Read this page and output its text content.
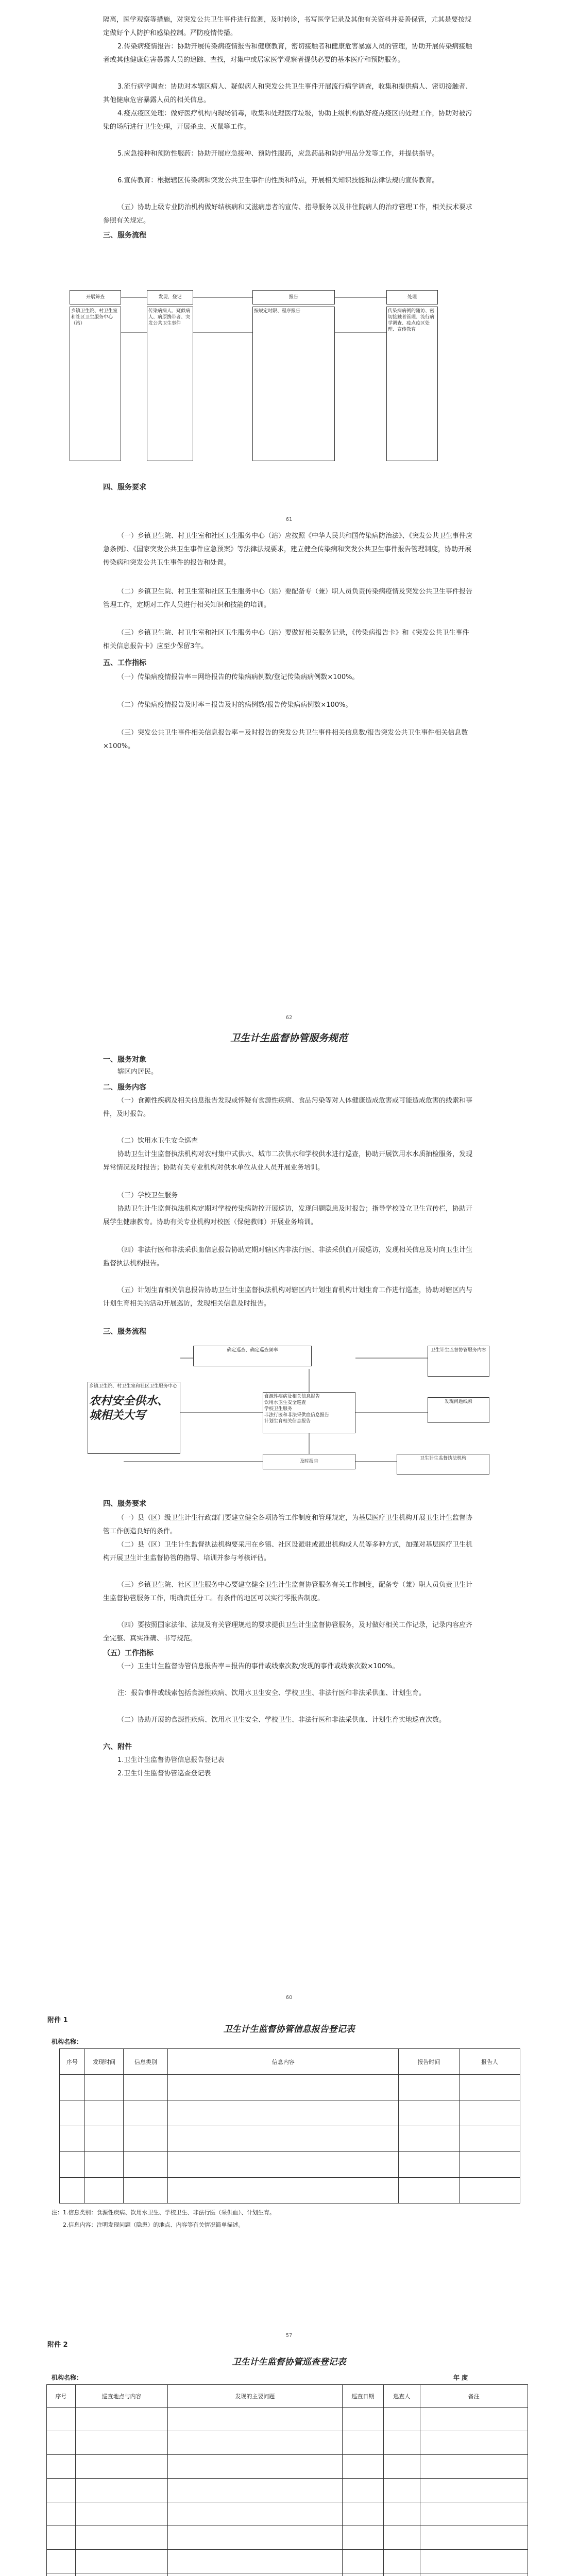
隔离，医学观察等措施，对突发公共卫生事件进行监测，及时转诊，书写医学记录及其他有关资料并妥善保管，尤其是要按规定做好个人防护和感染控制。严防疫情传播。

2.传染病疫情报告：协助开展传染病疫情报告和健康教育，密切接触者和健康危害暴露人员的管理，协助开展传染病接触者或其他健康危害暴露人员的追踪、查找，对集中或居家医学观察者提供必要的基本医疗和预防服务。

3.流行病学调查：协助对本辖区病人、疑似病人和突发公共卫生事件开展流行病学调查，收集和提供病人、密切接触者、其他健康危害暴露人员的相关信息。

4.疫点疫区处理：做好医疗机构内现场消毒，收集和处理医疗垃圾，协助上级机构做好疫点疫区的处理工作，协助对被污染的场所进行卫生处理，开展杀虫、灭鼠等工作。

5.应急接种和预防性服药：协助开展应急接种、预防性服药，应急药品和防护用品分发等工作，并提供指导。

6.宣传教育：根据辖区传染病和突发公共卫生事件的性质和特点，开展相关知识技能和法律法规的宣传教育。

（五）协助上级专业防治机构做好结核病和艾滋病患者的宣传、指导服务以及非住院病人的治疗管理工作，相关技术要求参照有关规定。

三、服务流程

开展筛查	发现、登记	报告	处理
乡镇卫生院、村卫生室和社区卫生服务中心（站）
传染病病人、疑似病人、病原携带者、突发公共卫生事件
按规定时限、程序报告	传染病病例的随访、密切接触者管理、流行病学调查、疫点疫区处理、宣传教育

四、服务要求

61

（一）乡镇卫生院、村卫生室和社区卫生服务中心（站）应按照《中华人民共和国传染病防治法》、《突发公共卫生事件应急条例》、《国家突发公共卫生事件应急预案》等法律法规要求，建立健全传染病和突发公共卫生事件报告管理制度，协助开展传染病和突发公共卫生事件的报告和处置。

（二）乡镇卫生院、村卫生室和社区卫生服务中心（站）要配备专（兼）职人员负责传染病疫情及突发公共卫生事件报告管理工作，定期对工作人员进行相关知识和技能的培训。

（三）乡镇卫生院、村卫生室和社区卫生服务中心（站）要做好相关服务记录，《传染病报告卡》和《突发公共卫生事件相关信息报告卡》应至少保留3年。

五、工作指标

（一）传染病疫情报告率＝网络报告的传染病病例数/登记传染病病例数×100%。

（二）传染病疫情报告及时率＝报告及时的病例数/报告传染病病例数×100%。

（三）突发公共卫生事件相关信息报告率＝及时报告的突发公共卫生事件相关信息数/报告突发公共卫生事件相关信息数×100%。

62
卫生计生监督协管服务规范

一、服务对象

辖区内居民。

二、服务内容

（一）食源性疾病及相关信息报告发现或怀疑有食源性疾病、食品污染等对人体健康造成危害或可能造成危害的线索和事件，及时报告。

（二）饮用水卫生安全巡查

协助卫生计生监督执法机构对农村集中式供水、城市二次供水和学校供水进行巡查，协助开展饮用水水质抽检服务，发现异常情况及时报告；协助有关专业机构对供水单位从业人员开展业务培训。

（三）学校卫生服务

协助卫生计生监督执法机构定期对学校传染病防控开展巡访，发现问题隐患及时报告；指导学校设立卫生宣传栏，协助开展学生健康教育。协助有关专业机构对校医（保健教师）开展业务培训。

（四）非法行医和非法采供血信息报告协助定期对辖区内非法行医、非法采供血开展巡访，发现相关信息及时向卫生计生监督执法机构报告。

（五）计划生育相关信息报告协助卫生计生监督执法机构对辖区内计划生育机构计划生育工作进行巡查，协助对辖区内与计划生育相关的活动开展巡访，发现相关信息及时报告。

三、服务流程

确定巡查、确定巡查频率	卫生计生监督协管服务内容
乡镇卫生院、村卫生室和社区卫生服务中心
农村安全供水、城相关大写
食源性疾病及相关信息报告
饮用水卫生安全巡查
学校卫生服务
非法行医和非法采供血信息报告
计划生育相关信息报告
发现问题线索
及时报告
卫生计生监督执法机构

四、服务要求

（一）县（区）级卫生计生行政部门要建立健全各项协管工作制度和管理规定，为基层医疗卫生机构开展卫生计生监督协管工作创造良好的条件。

（二）县（区）卫生计生监督执法机构要采用在乡镇、社区设派驻或派出机构或人员等多种方式，加强对基层医疗卫生机构开展卫生计生监督协管的指导、培训并参与考核评估。

（三）乡镇卫生院、社区卫生服务中心要建立健全卫生计生监督协管服务有关工作制度，配备专（兼）职人员负责卫生计生监督协管服务工作，明确责任分工。有条件的地区可以实行零报告制度。

（四）要按照国家法律、法规及有关管理规范的要求提供卫生计生监督协管服务，及时做好相关工作记录，记录内容应齐全完整、真实准确、书写规范。

（五）工作指标

（一）卫生计生监督协管信息报告率＝报告的事件或线索次数/发现的事件或线索次数×100%。

注：报告事件或线索包括食源性疾病、饮用水卫生安全、学校卫生、非法行医和非法采供血、计划生育。

（二）协助开展的食源性疾病、饮用水卫生安全、学校卫生、非法行医和非法采供血、计划生育实地巡查次数。

六、附件

1.卫生计生监督协管信息报告登记表

2.卫生计生监督协管巡查登记表

60
附件 1
卫生计生监督协管信息报告登记表
机构名称：
序号	发现时间	信息类别	信息内容	报告时间	报告人

注：1.信息类别：食源性疾病、饮用水卫生、学校卫生、非法行医（采供血）、计划生育。
2.信息内容：注明发现问题（隐患）的地点、内容等有关情况简单描述。
57
附件 2
卫生计生监督协管巡查登记表
机构名称：	年 度
序号	巡查地点与内容	发现的主要问题	巡查日期	巡查人	备注
